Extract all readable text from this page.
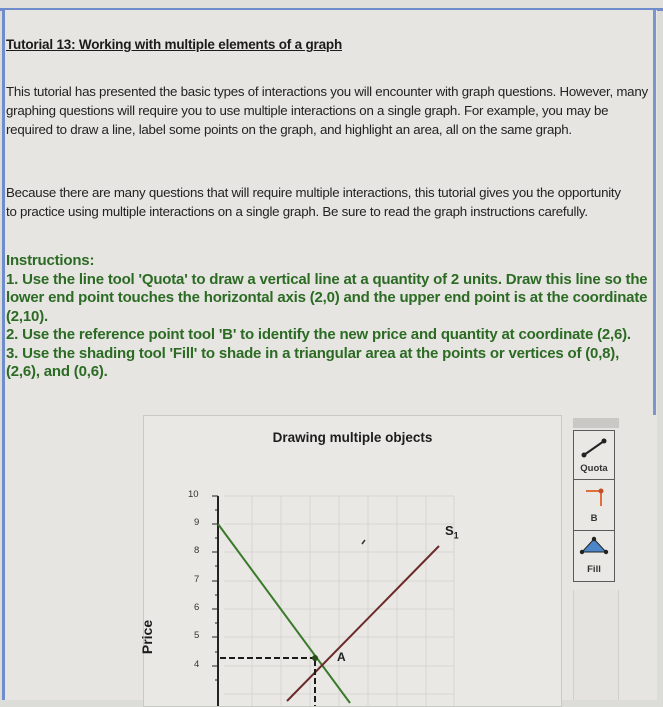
Tutorial 13: Working with multiple elements of a graph
This tutorial has presented the basic types of interactions you will encounter with graph questions. However, many graphing questions will require you to use multiple interactions on a single graph. For example, you may be required to draw a line, label some points on the graph, and highlight an area, all on the same graph.
Because there are many questions that will require multiple interactions, this tutorial gives you the opportunity to practice using multiple interactions on a single graph. Be sure to read the graph instructions carefully.
Instructions:
1. Use the line tool 'Quota' to draw a vertical line at a quantity of 2 units. Draw this line so the lower end point touches the horizontal axis (2,0) and the upper end point is at the coordinate (2,10).
2. Use the reference point tool 'B' to identify the new price and quantity at coordinate (2,6).
3. Use the shading tool 'Fill' to shade in a triangular area at the points or vertices of (0,8), (2,6), and (0,6).
Drawing multiple objects
Price
10
9
8
7
6
5
4
$S_1$
A
Quota
B
Fill
